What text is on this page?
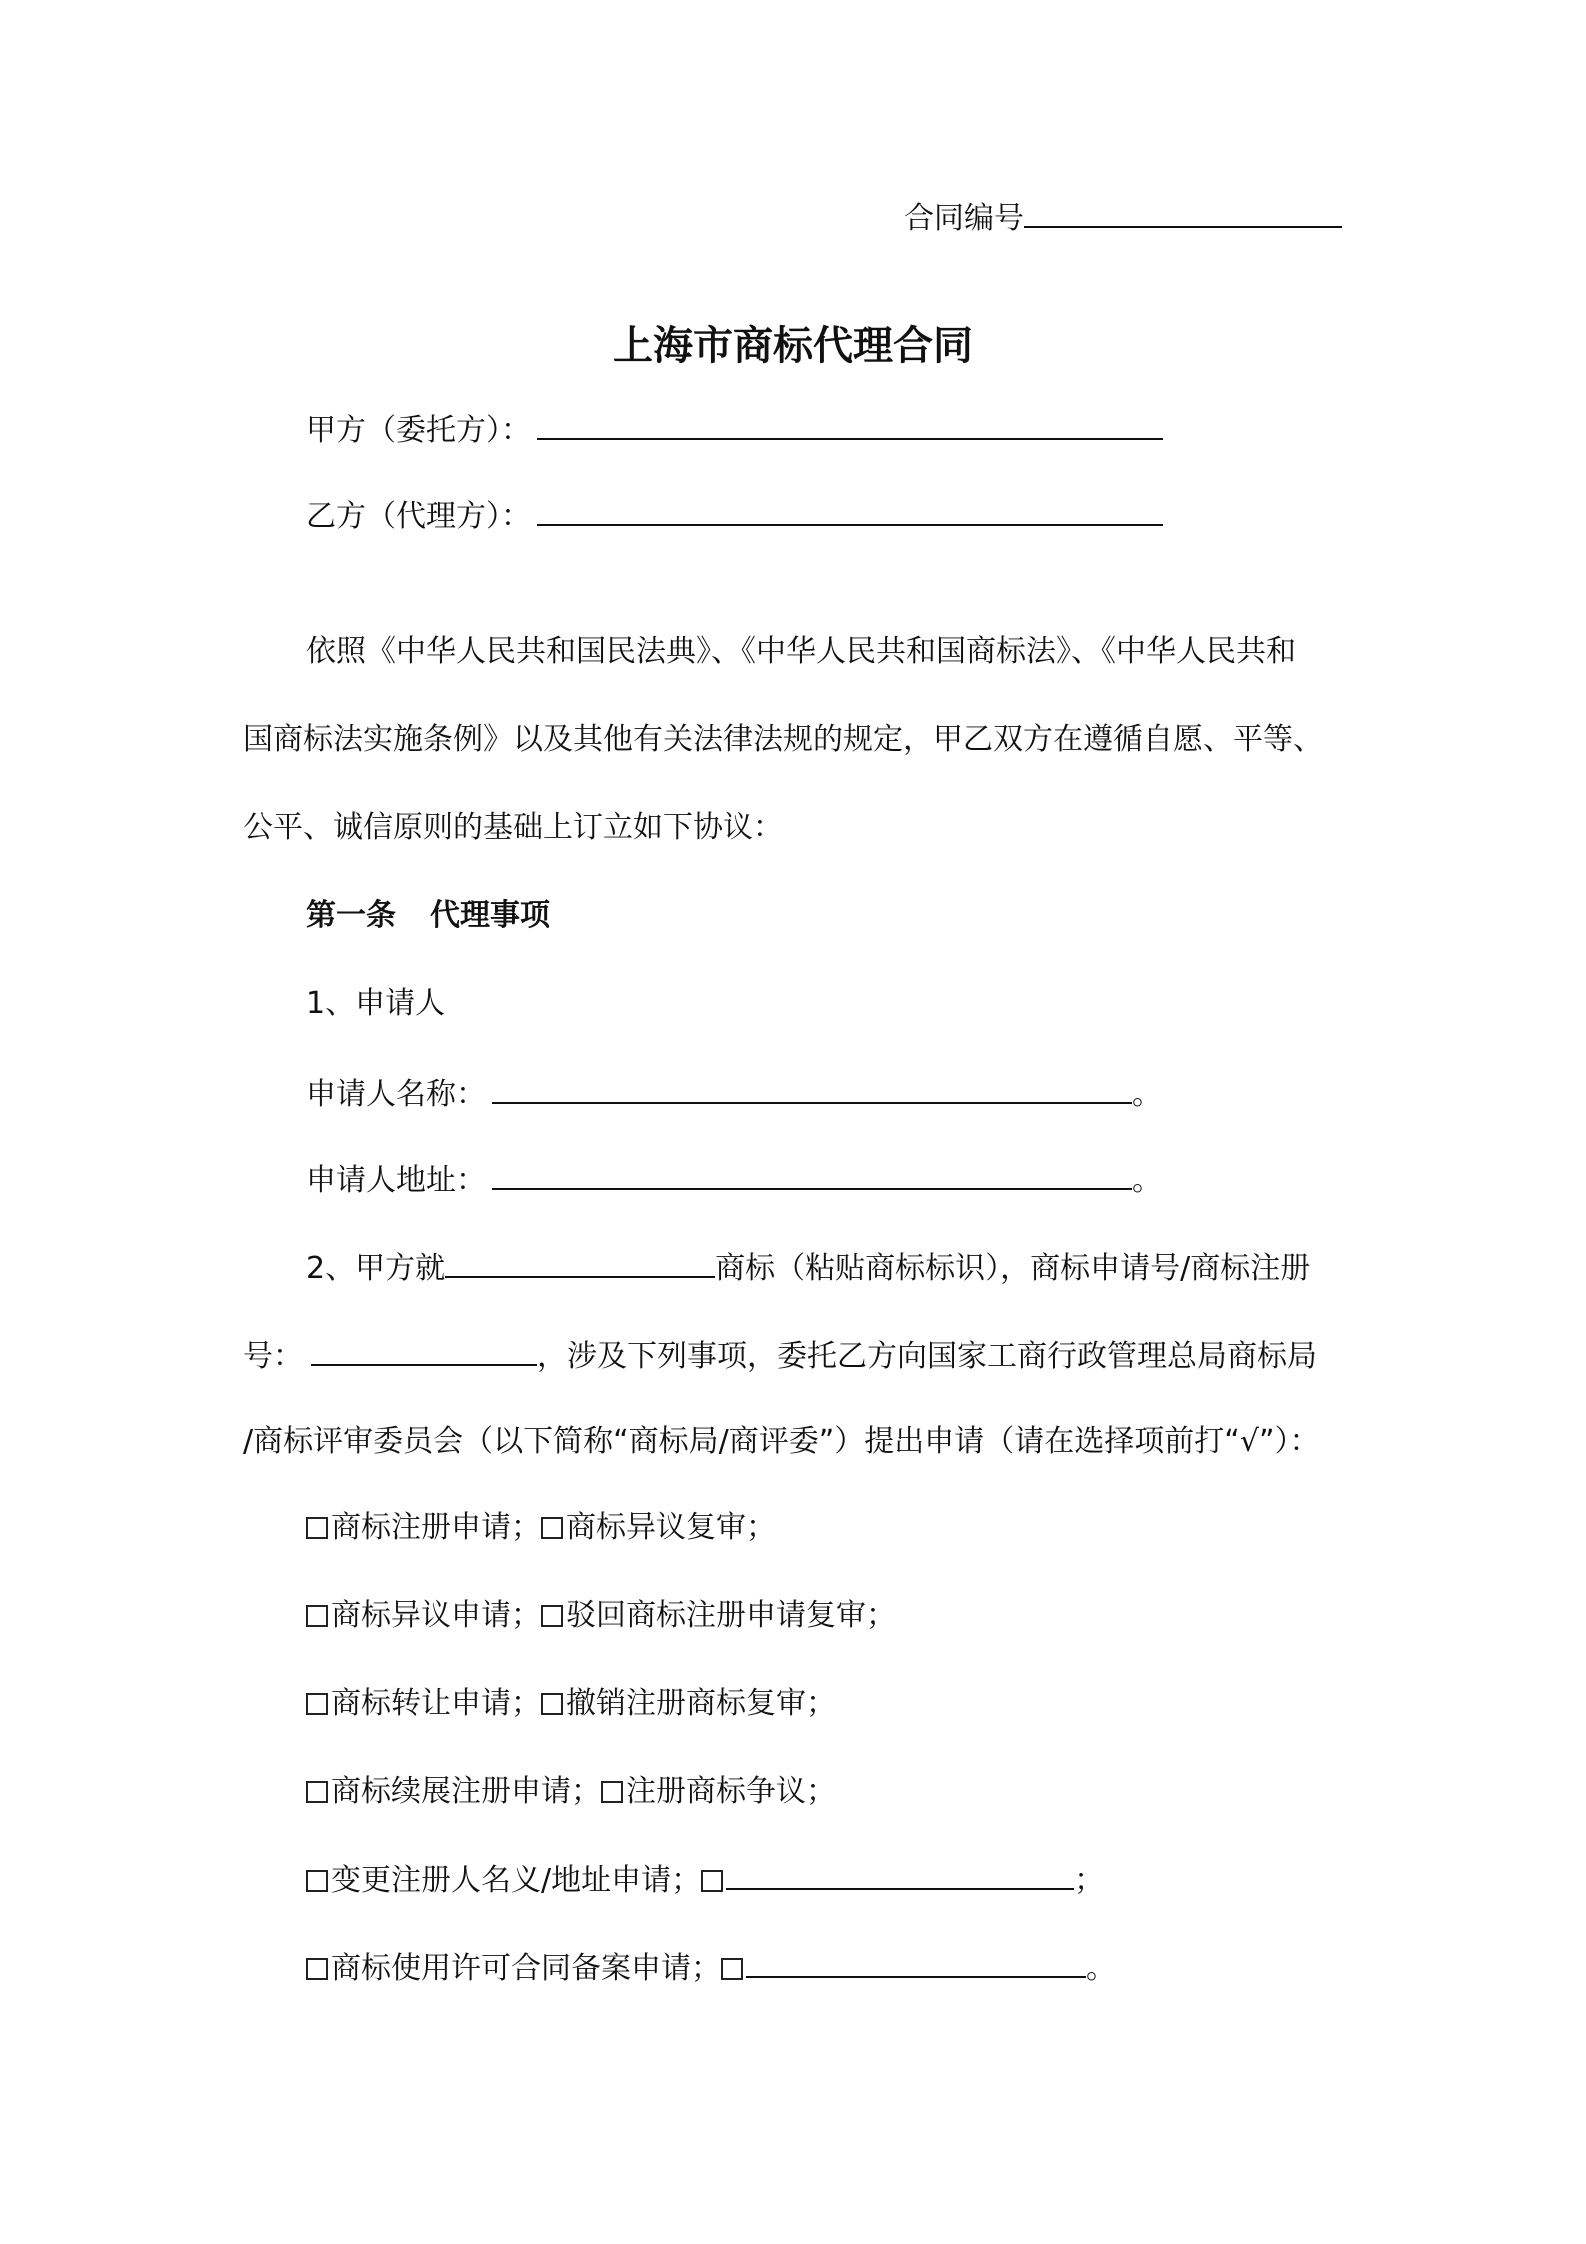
合同编号
上海市商标代理合同
甲方（委托方）：
乙方（代理方）：
依照《中华人民共和国民法典》、《中华人民共和国商标法》、《中华人民共和
国商标法实施条例》以及其他有关法律法规的规定，甲乙双方在遵循自愿、平等、
公平、诚信原则的基础上订立如下协议：
第一条 代理事项
1、申请人
申请人名称：	。
申请人地址：	。
2、甲方就	商标（粘贴商标标识），商标申请号/商标注册
号：	，涉及下列事项，委托乙方向国家工商行政管理总局商标局
/商标评审委员会（以下简称“商标局/商评委”）提出申请（请在选择项前打“√”）：
商标注册申请； 商标异议复审；
商标异议申请； 驳回商标注册申请复审；
商标转让申请； 撤销注册商标复审；
商标续展注册申请； 注册商标争议；
变更注册人名义/地址申请；	；
商标使用许可合同备案申请；	。
